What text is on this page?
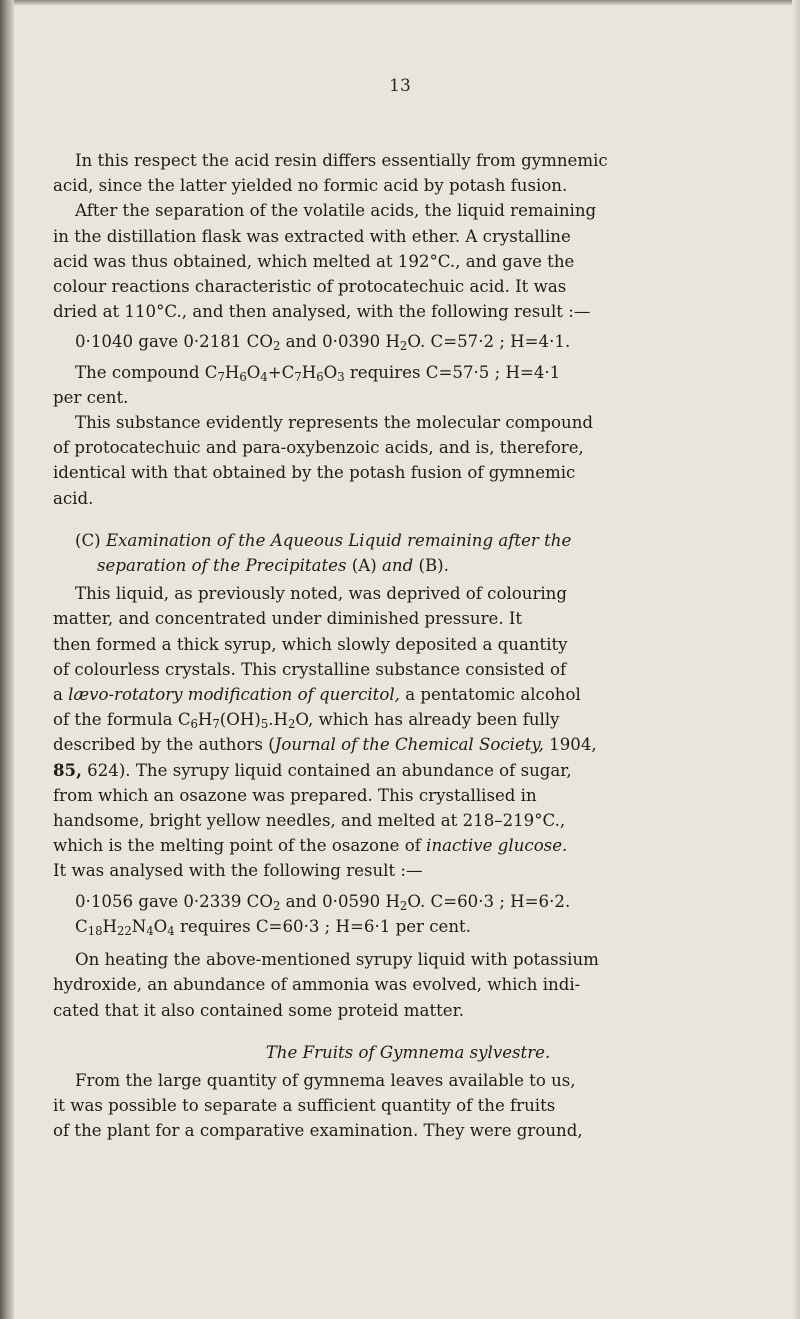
13

In this respect the acid resin differs essentially from gymnemic
acid, since the latter yielded no formic acid by potash fusion.

After the separation of the volatile acids, the liquid remaining
in the distillation flask was extracted with ether. A crystalline
acid was thus obtained, which melted at 192°C., and gave the
colour reactions characteristic of protocatechuic acid. It was
dried at 110°C., and then analysed, with the following result :—

0·1040 gave 0·2181 $CO_2$ and 0·0390 $H_2O$. C=57·2 ; H=4·1.

The compound $C_7H_6O_4+C_7H_6O_3$ requires C=57·5 ; H=4·1
per cent.

This substance evidently represents the molecular compound
of protocatechuic and para-oxybenzoic acids, and is, therefore,
identical with that obtained by the potash fusion of gymnemic
acid.

(C) Examination of the Aqueous Liquid remaining after the
separation of the Precipitates (A) and (B).

This liquid, as previously noted, was deprived of colouring
matter, and concentrated under diminished pressure. It
then formed a thick syrup, which slowly deposited a quantity
of colourless crystals. This crystalline substance consisted of
a lævo-rotatory modification of quercitol, a pentatomic alcohol
of the formula $C_6H_7(OH)_5.H_2O$, which has already been fully
described by the authors (Journal of the Chemical Society, 1904,
85, 624). The syrupy liquid contained an abundance of sugar,
from which an osazone was prepared. This crystallised in
handsome, bright yellow needles, and melted at 218–219°C.,
which is the melting point of the osazone of inactive glucose.
It was analysed with the following result :—

0·1056 gave 0·2339 $CO_2$ and 0·0590 $H_2O$. C=60·3 ; H=6·2.

$C_{18}H_{22}N_4O_4$ requires C=60·3 ; H=6·1 per cent.

On heating the above-mentioned syrupy liquid with potassium
hydroxide, an abundance of ammonia was evolved, which indi-
cated that it also contained some proteid matter.

The Fruits of Gymnema sylvestre.

From the large quantity of gymnema leaves available to us,
it was possible to separate a sufficient quantity of the fruits
of the plant for a comparative examination. They were ground,
